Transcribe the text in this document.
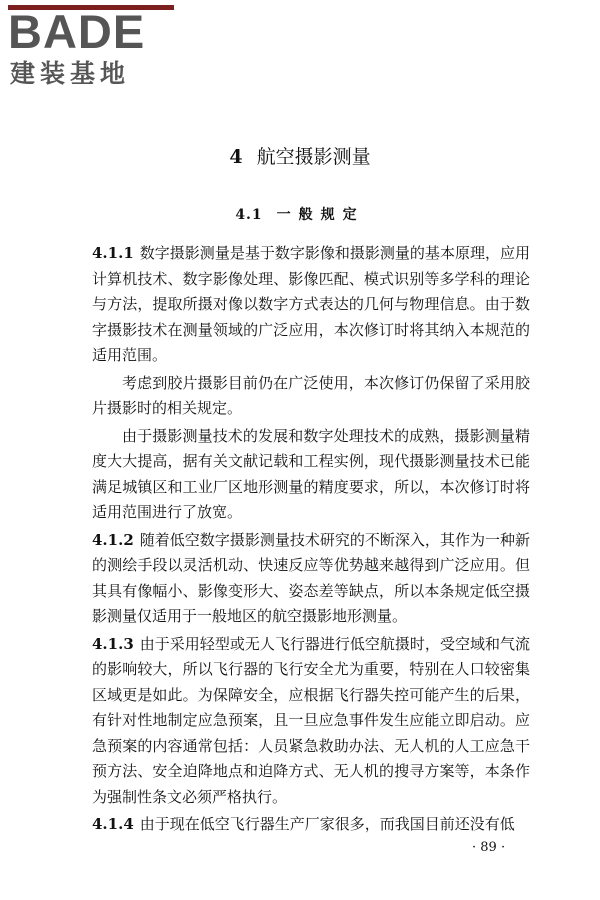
BADE
建装基地
4 航空摄影测量
4.1 一般规定

4.1.1 数字摄影测量是基于数字影像和摄影测量的基本原理，应用计算机技术、数字影像处理、影像匹配、模式识别等多学科的理论与方法，提取所摄对像以数字方式表达的几何与物理信息。由于数字摄影技术在测量领域的广泛应用，本次修订时将其纳入本规范的适用范围。

考虑到胶片摄影目前仍在广泛使用，本次修订仍保留了采用胶片摄影时的相关规定。

由于摄影测量技术的发展和数字处理技术的成熟，摄影测量精度大大提高，据有关文献记载和工程实例，现代摄影测量技术已能满足城镇区和工业厂区地形测量的精度要求，所以，本次修订时将适用范围进行了放宽。

4.1.2 随着低空数字摄影测量技术研究的不断深入，其作为一种新的测绘手段以灵活机动、快速反应等优势越来越得到广泛应用。但其具有像幅小、影像变形大、姿态差等缺点，所以本条规定低空摄影测量仅适用于一般地区的航空摄影地形测量。

4.1.3 由于采用轻型或无人飞行器进行低空航摄时，受空域和气流的影响较大，所以飞行器的飞行安全尤为重要，特别在人口较密集区域更是如此。为保障安全，应根据飞行器失控可能产生的后果，有针对性地制定应急预案，且一旦应急事件发生应能立即启动。应急预案的内容通常包括：人员紧急救助办法、无人机的人工应急干预方法、安全迫降地点和迫降方式、无人机的搜寻方案等，本条作为强制性条文必须严格执行。

4.1.4 由于现在低空飞行器生产厂家很多，而我国目前还没有低

· 89 ·
